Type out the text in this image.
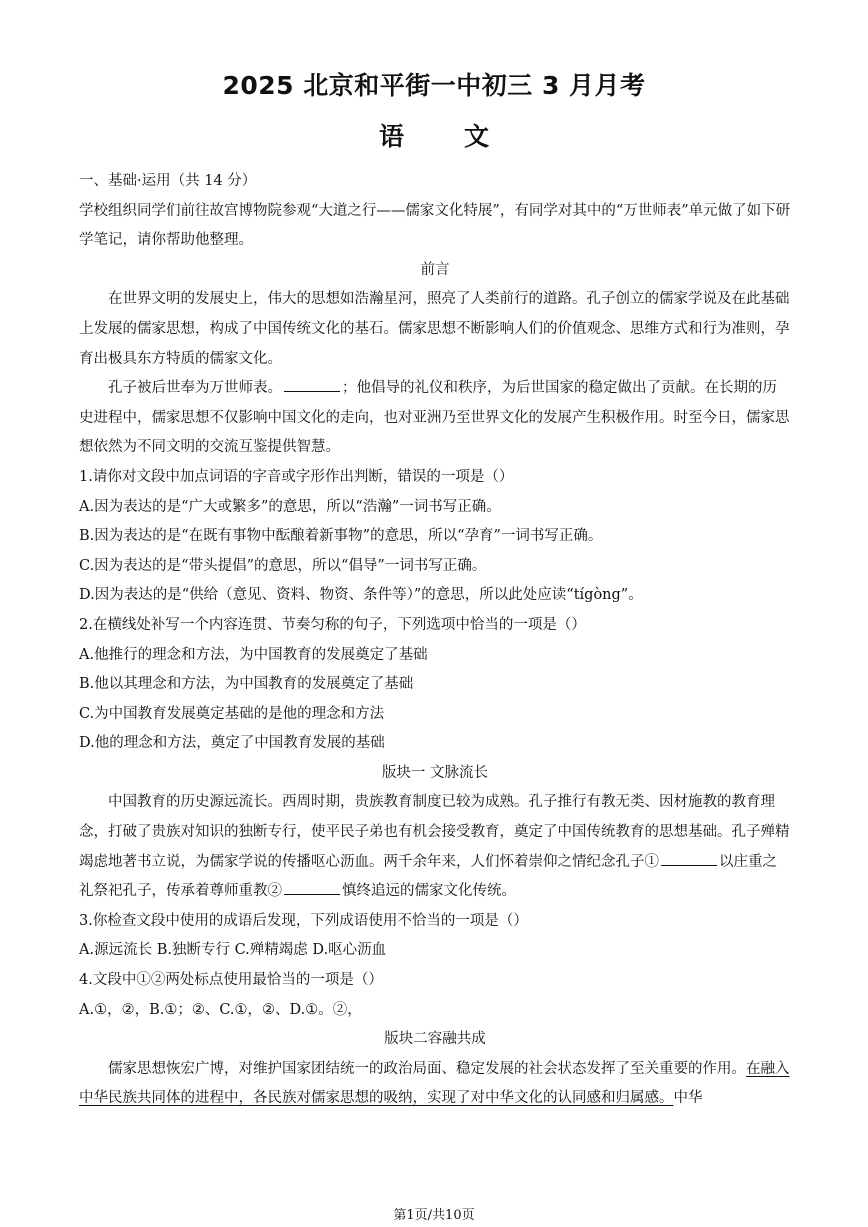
2025 北京和平街一中初三 3 月月考
语文

一、基础·运用（共 14 分）

学校组织同学们前往故宫博物院参观“大道之行——儒家文化特展”，有同学对其中的“万世师表”单元做了如下研学笔记，请你帮助他整理。

前言

在世界文明的发展史上，伟大的思想如浩瀚星河，照亮了人类前行的道路。孔子创立的儒家学说及在此基础上发展的儒家思想，构成了中国传统文化的基石。儒家思想不断影响人们的价值观念、思维方式和行为准则，孕育出极具东方特质的儒家文化。

孔子被后世奉为万世师表。	；他倡导的礼仪和秩序，为后世国家的稳定做出了贡献。在长期的历史进程中，儒家思想不仅影响中国文化的走向，也对亚洲乃至世界文化的发展产生积极作用。时至今日，儒家思想依然为不同文明的交流互鉴提供智慧。

1.请你对文段中加点词语的字音或字形作出判断，错误的一项是（）

A.因为表达的是“广大或繁多”的意思，所以“浩瀚”一词书写正确。

B.因为表达的是“在既有事物中酝酿着新事物”的意思，所以“孕育”一词书写正确。

C.因为表达的是“带头提倡”的意思，所以“倡导”一词书写正确。

D.因为表达的是“供给（意见、资料、物资、条件等）”的意思，所以此处应读“tígòng”。

2.在横线处补写一个内容连贯、节奏匀称的句子，下列选项中恰当的一项是（）

A.他推行的理念和方法，为中国教育的发展奠定了基础

B.他以其理念和方法，为中国教育的发展奠定了基础

C.为中国教育发展奠定基础的是他的理念和方法

D.他的理念和方法，奠定了中国教育发展的基础

版块一 文脉流长

中国教育的历史源远流长。西周时期，贵族教育制度已较为成熟。孔子推行有教无类、因材施教的教育理念，打破了贵族对知识的独断专行，使平民子弟也有机会接受教育，奠定了中国传统教育的思想基础。孔子殚精竭虑地著书立说，为儒家学说的传播呕心沥血。两千余年来，人们怀着崇仰之情纪念孔子①	以庄重之礼祭祀孔子，传承着尊师重教②	慎终追远的儒家文化传统。

3.你检查文段中使用的成语后发现，下列成语使用不恰当的一项是（）

A.源远流长 B.独断专行 C.殚精竭虑 D.呕心沥血

4.文段中①②两处标点使用最恰当的一项是（）

A.①，②，B.①；②、C.①，②、D.①。②，

版块二容融共成

儒家思想恢宏广博，对维护国家团结统一的政治局面、稳定发展的社会状态发挥了至关重要的作用。在融入中华民族共同体的进程中，各民族对儒家思想的吸纳，实现了对中华文化的认同感和归属感。中华

第1页/共10页
